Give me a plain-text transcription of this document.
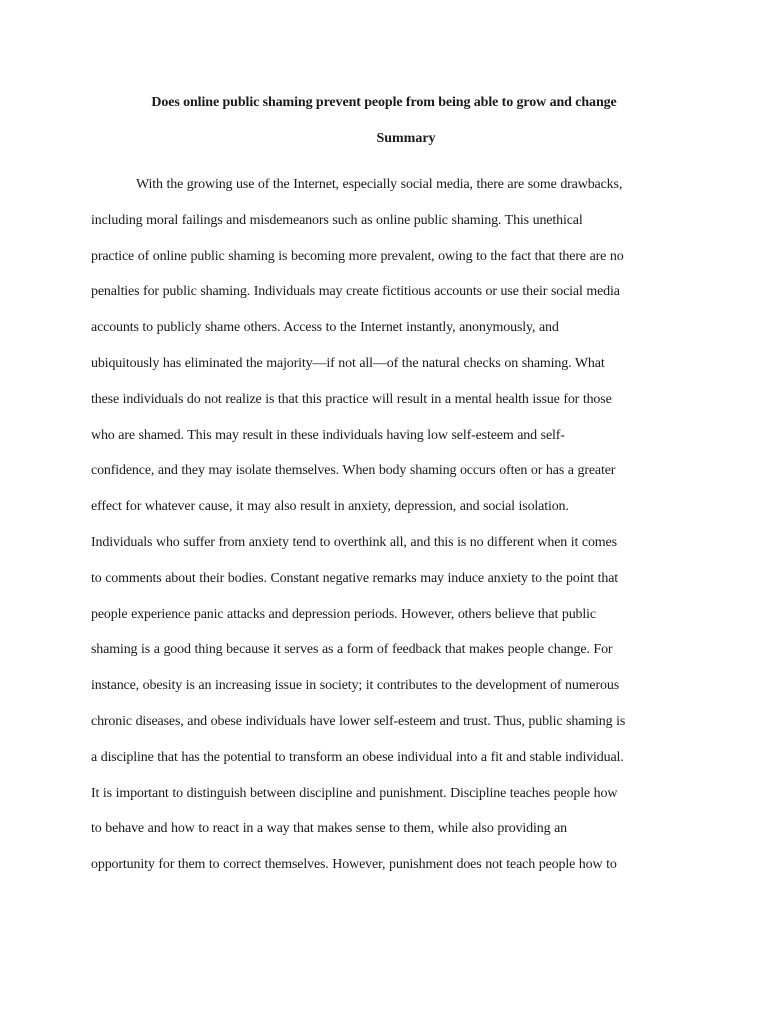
Does online public shaming prevent people from being able to grow and change
Summary
With the growing use of the Internet, especially social media, there are some drawbacks,
including moral failings and misdemeanors such as online public shaming. This unethical
practice of online public shaming is becoming more prevalent, owing to the fact that there are no
penalties for public shaming. Individuals may create fictitious accounts or use their social media
accounts to publicly shame others. Access to the Internet instantly, anonymously, and
ubiquitously has eliminated the majority—if not all—of the natural checks on shaming. What
these individuals do not realize is that this practice will result in a mental health issue for those
who are shamed. This may result in these individuals having low self-esteem and self-
confidence, and they may isolate themselves. When body shaming occurs often or has a greater
effect for whatever cause, it may also result in anxiety, depression, and social isolation.
Individuals who suffer from anxiety tend to overthink all, and this is no different when it comes
to comments about their bodies. Constant negative remarks may induce anxiety to the point that
people experience panic attacks and depression periods. However, others believe that public
shaming is a good thing because it serves as a form of feedback that makes people change. For
instance, obesity is an increasing issue in society; it contributes to the development of numerous
chronic diseases, and obese individuals have lower self-esteem and trust. Thus, public shaming is
a discipline that has the potential to transform an obese individual into a fit and stable individual.
It is important to distinguish between discipline and punishment. Discipline teaches people how
to behave and how to react in a way that makes sense to them, while also providing an
opportunity for them to correct themselves. However, punishment does not teach people how to
